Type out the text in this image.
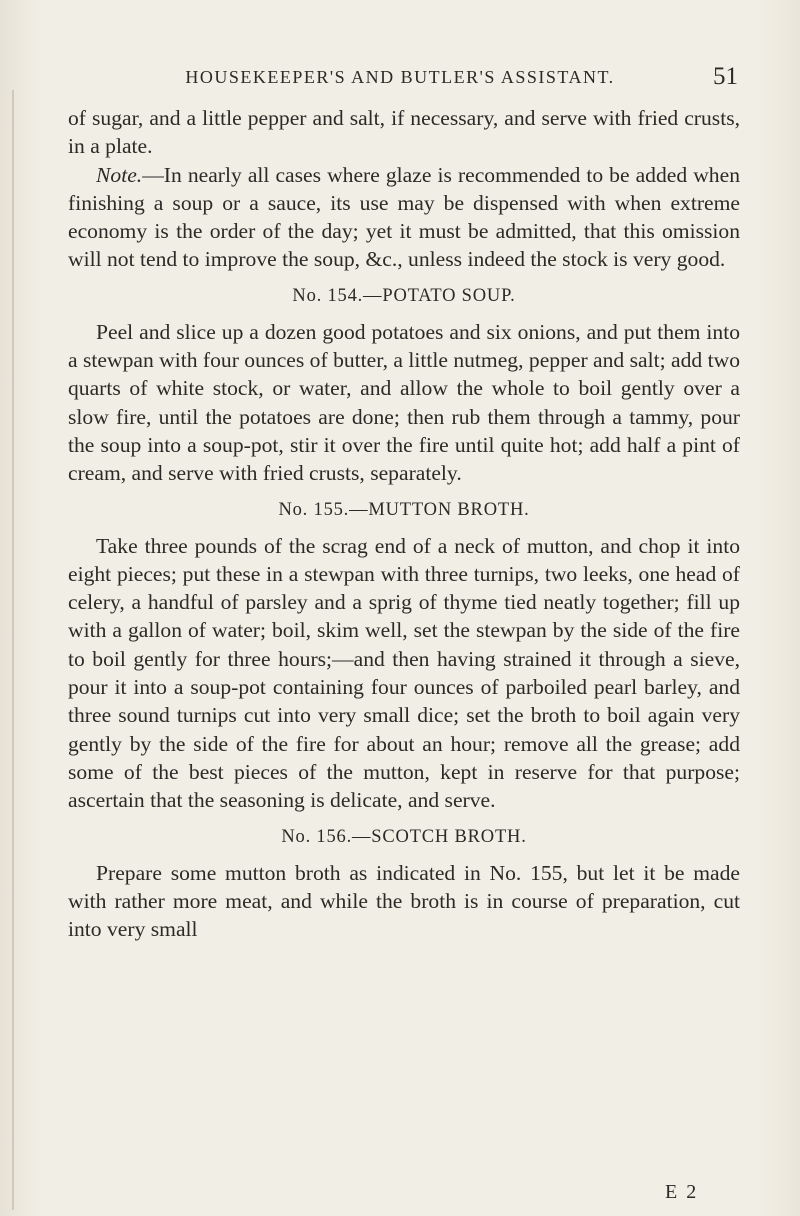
HOUSEKEEPER'S AND BUTLER'S ASSISTANT.	51

of sugar, and a little pepper and salt, if necessary, and serve with fried crusts, in a plate.

Note.—In nearly all cases where glaze is recommended to be added when finishing a soup or a sauce, its use may be dispensed with when extreme economy is the order of the day; yet it must be admitted, that this omission will not tend to improve the soup, &c., unless indeed the stock is very good.

No. 154.—POTATO SOUP.

Peel and slice up a dozen good potatoes and six onions, and put them into a stewpan with four ounces of butter, a little nutmeg, pepper and salt; add two quarts of white stock, or water, and allow the whole to boil gently over a slow fire, until the potatoes are done; then rub them through a tammy, pour the soup into a soup-pot, stir it over the fire until quite hot; add half a pint of cream, and serve with fried crusts, separately.

No. 155.—MUTTON BROTH.

Take three pounds of the scrag end of a neck of mutton, and chop it into eight pieces; put these in a stewpan with three turnips, two leeks, one head of celery, a handful of parsley and a sprig of thyme tied neatly together; fill up with a gallon of water; boil, skim well, set the stewpan by the side of the fire to boil gently for three hours;—and then having strained it through a sieve, pour it into a soup-pot containing four ounces of parboiled pearl barley, and three sound turnips cut into very small dice; set the broth to boil again very gently by the side of the fire for about an hour; remove all the grease; add some of the best pieces of the mutton, kept in reserve for that purpose; ascertain that the seasoning is delicate, and serve.

No. 156.—SCOTCH BROTH.

Prepare some mutton broth as indicated in No. 155, but let it be made with rather more meat, and while the broth is in course of preparation, cut into very small

E 2
